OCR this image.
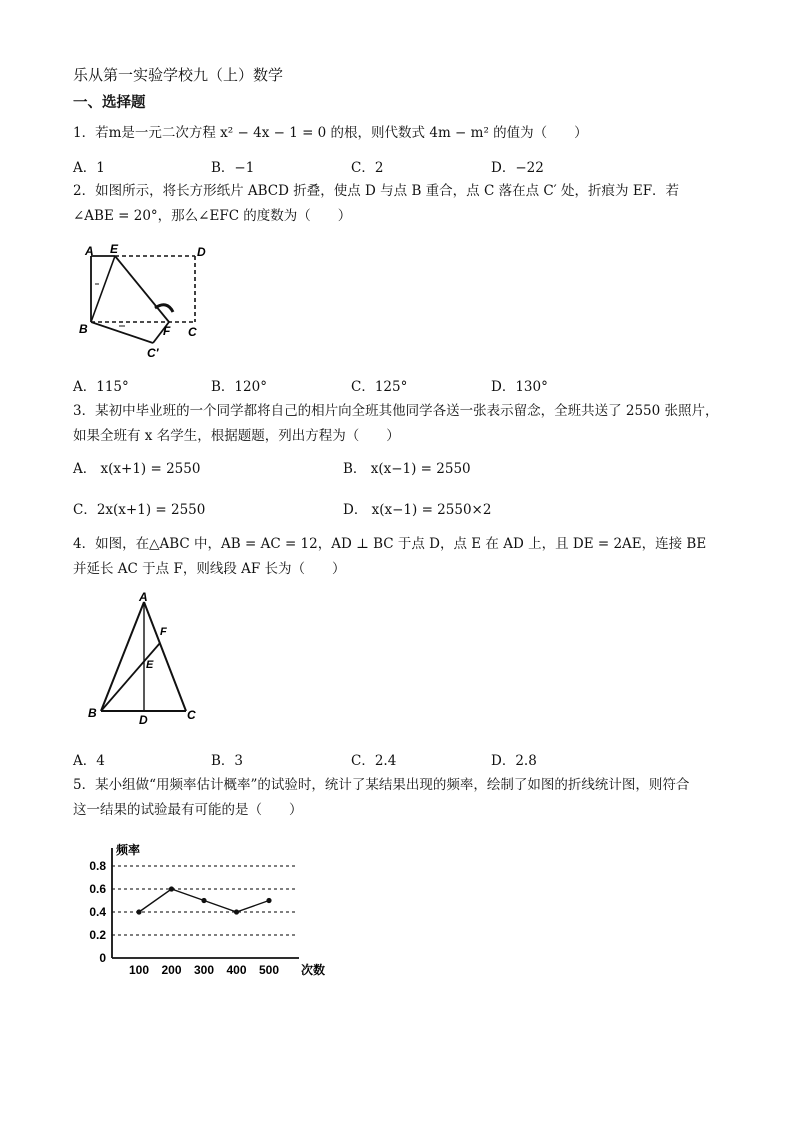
乐从第一实验学校九（上）数学
一、选择题
1．若m是一元二次方程 x² − 4x − 1 = 0 的根，则代数式 4m − m² 的值为（　　）
A．1	B．−1	C．2	D．−22
2．如图所示，将长方形纸片 ABCD 折叠，使点 D 与点 B 重合，点 C 落在点 C′ 处，折痕为 EF．若
∠ABE = 20°，那么∠EFC 的度数为（　　）
A E	D
B	F C
C′
A．115°	B．120°	C．125°	D．130°
3．某初中毕业班的一个同学都将自己的相片向全班其他同学各送一张表示留念，全班共送了 2550 张照片，
如果全班有 x 名学生，根据题题，列出方程为（　　）
A． x(x+1) = 2550	B． x(x−1) = 2550
C．2x(x+1) = 2550	D． x(x−1) = 2550×2
4．如图，在△ABC 中，AB = AC = 12，AD ⊥ BC 于点 D，点 E 在 AD 上，且 DE = 2AE，连接 BE
并延长 AC 于点 F，则线段 AF 长为（　　）
A
F
E
B	D	C
A．4	B．3	C．2.4	D．2.8
5．某小组做“用频率估计概率”的试验时，统计了某结果出现的频率，绘制了如图的折线统计图，则符合
这一结果的试验最有可能的是（　　）
0
0.2
0.4
0.6
0.8
频率
次数
100 200 300 400 500
